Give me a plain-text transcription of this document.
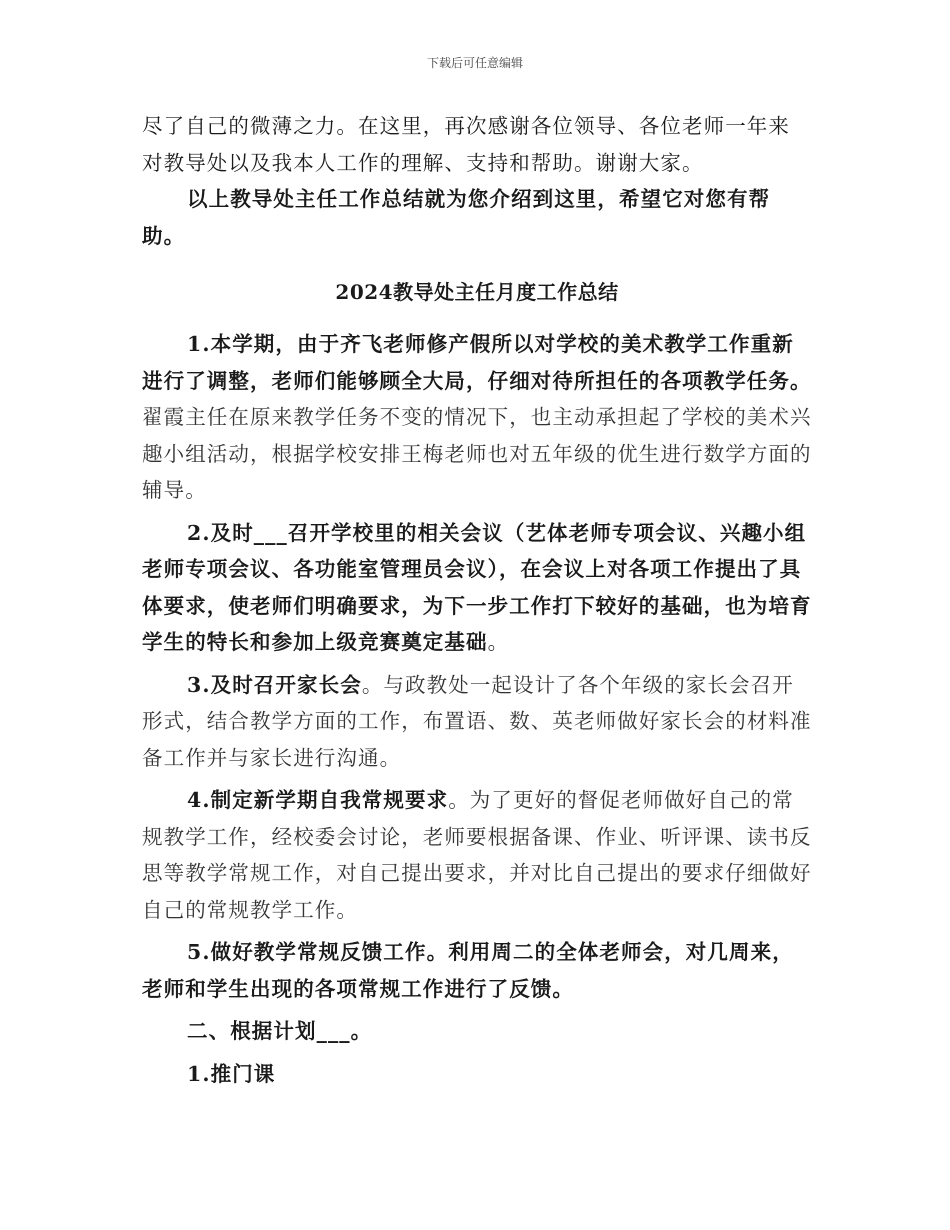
下载后可任意编辑

尽了自己的微薄之力。在这里，再次感谢各位领导、各位老师一年来

对教导处以及我本人工作的理解、支持和帮助。谢谢大家。

以上教导处主任工作总结就为您介绍到这里，希望它对您有帮助。

2024教导处主任月度工作总结

1.本学期，由于齐飞老师修产假所以对学校的美术教学工作重新进行了调整，老师们能够顾全大局，仔细对待所担任的各项教学任务。翟霞主任在原来教学任务不变的情况下，也主动承担起了学校的美术兴趣小组活动，根据学校安排王梅老师也对五年级的优生进行数学方面的辅导。

2.及时___召开学校里的相关会议（艺体老师专项会议、兴趣小组老师专项会议、各功能室管理员会议），在会议上对各项工作提出了具体要求，使老师们明确要求，为下一步工作打下较好的基础，也为培育学生的特长和参加上级竞赛奠定基础。

3.及时召开家长会。与政教处一起设计了各个年级的家长会召开形式，结合教学方面的工作，布置语、数、英老师做好家长会的材料准备工作并与家长进行沟通。

4.制定新学期自我常规要求。为了更好的督促老师做好自己的常规教学工作，经校委会讨论，老师要根据备课、作业、听评课、读书反思等教学常规工作，对自己提出要求，并对比自己提出的要求仔细做好自己的常规教学工作。

5.做好教学常规反馈工作。利用周二的全体老师会，对几周来，老师和学生出现的各项常规工作进行了反馈。

二、根据计划___。

1.推门课
